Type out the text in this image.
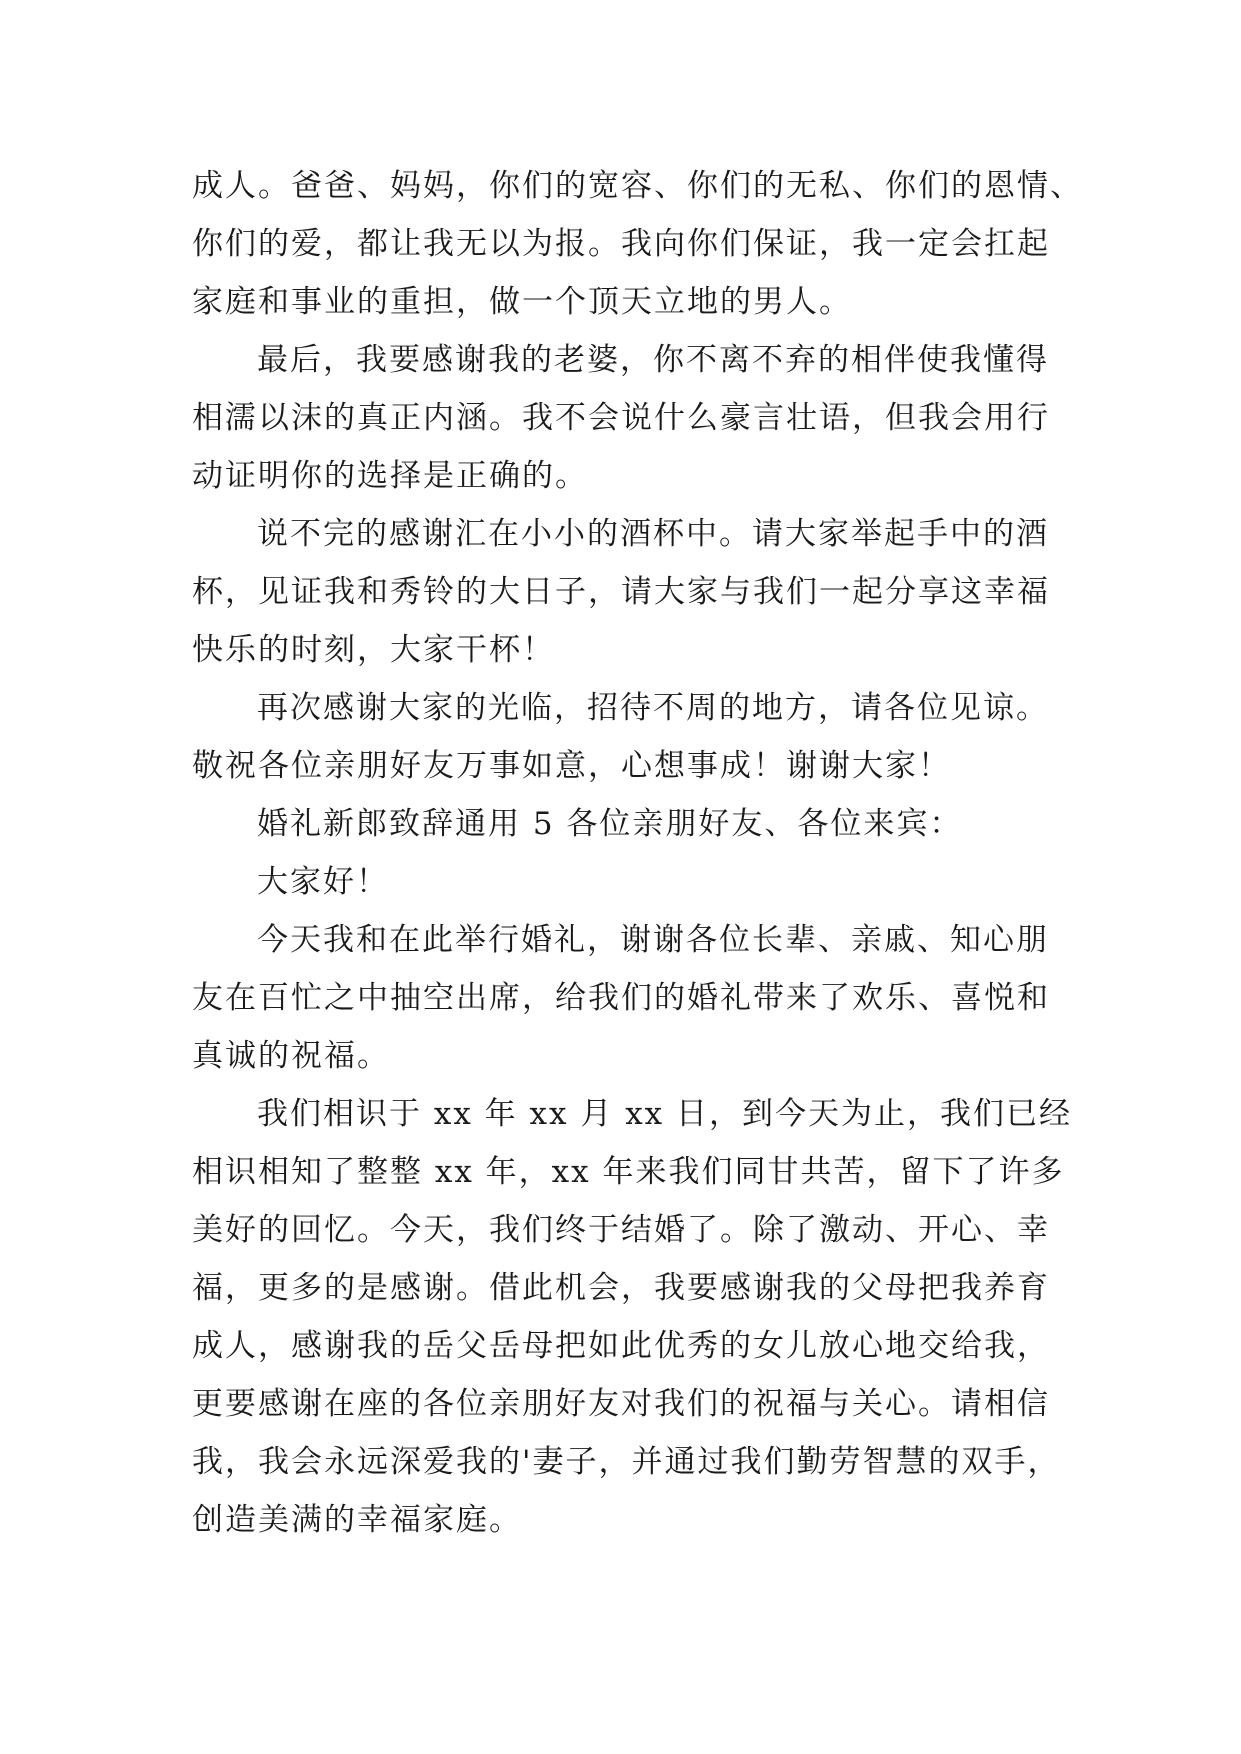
成人。爸爸、妈妈，你们的宽容、你们的无私、你们的恩情、
你们的爱，都让我无以为报。我向你们保证，我一定会扛起
家庭和事业的重担，做一个顶天立地的男人。
最后，我要感谢我的老婆，你不离不弃的相伴使我懂得
相濡以沫的真正内涵。我不会说什么豪言壮语，但我会用行
动证明你的选择是正确的。
说不完的感谢汇在小小的酒杯中。请大家举起手中的酒
杯，见证我和秀铃的大日子，请大家与我们一起分享这幸福
快乐的时刻，大家干杯！
再次感谢大家的光临，招待不周的地方，请各位见谅。
敬祝各位亲朋好友万事如意，心想事成！谢谢大家！
婚礼新郎致辞通用 5 各位亲朋好友、各位来宾：
大家好！
今天我和在此举行婚礼，谢谢各位长辈、亲戚、知心朋
友在百忙之中抽空出席，给我们的婚礼带来了欢乐、喜悦和
真诚的祝福。
我们相识于 xx 年 xx 月 xx 日，到今天为止，我们已经
相识相知了整整 xx 年，xx 年来我们同甘共苦，留下了许多
美好的回忆。今天，我们终于结婚了。除了激动、开心、幸
福，更多的是感谢。借此机会，我要感谢我的父母把我养育
成人，感谢我的岳父岳母把如此优秀的女儿放心地交给我，
更要感谢在座的各位亲朋好友对我们的祝福与关心。请相信
我，我会永远深爱我的'妻子，并通过我们勤劳智慧的双手，
创造美满的幸福家庭。
